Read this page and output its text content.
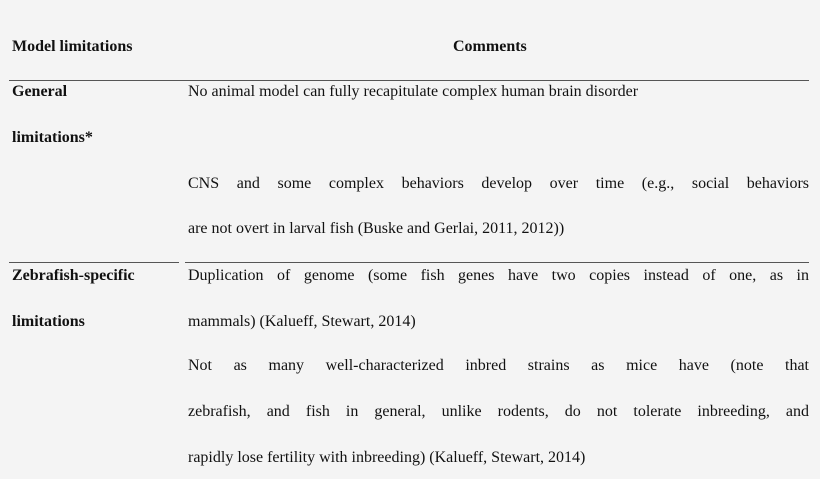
Model limitations	Comments
General
limitations*
No animal model can fully recapitulate complex human brain disorder
CNS and some complex behaviors develop over time (e.g., social behaviors
are not overt in larval fish (Buske and Gerlai, 2011, 2012))
Zebrafish-specific
limitations
Duplication of genome (some fish genes have two copies instead of one, as in
mammals) (Kalueff, Stewart, 2014)
Not as many well-characterized inbred strains as mice have (note that
zebrafish, and fish in general, unlike rodents, do not tolerate inbreeding, and
rapidly lose fertility with inbreeding) (Kalueff, Stewart, 2014)
